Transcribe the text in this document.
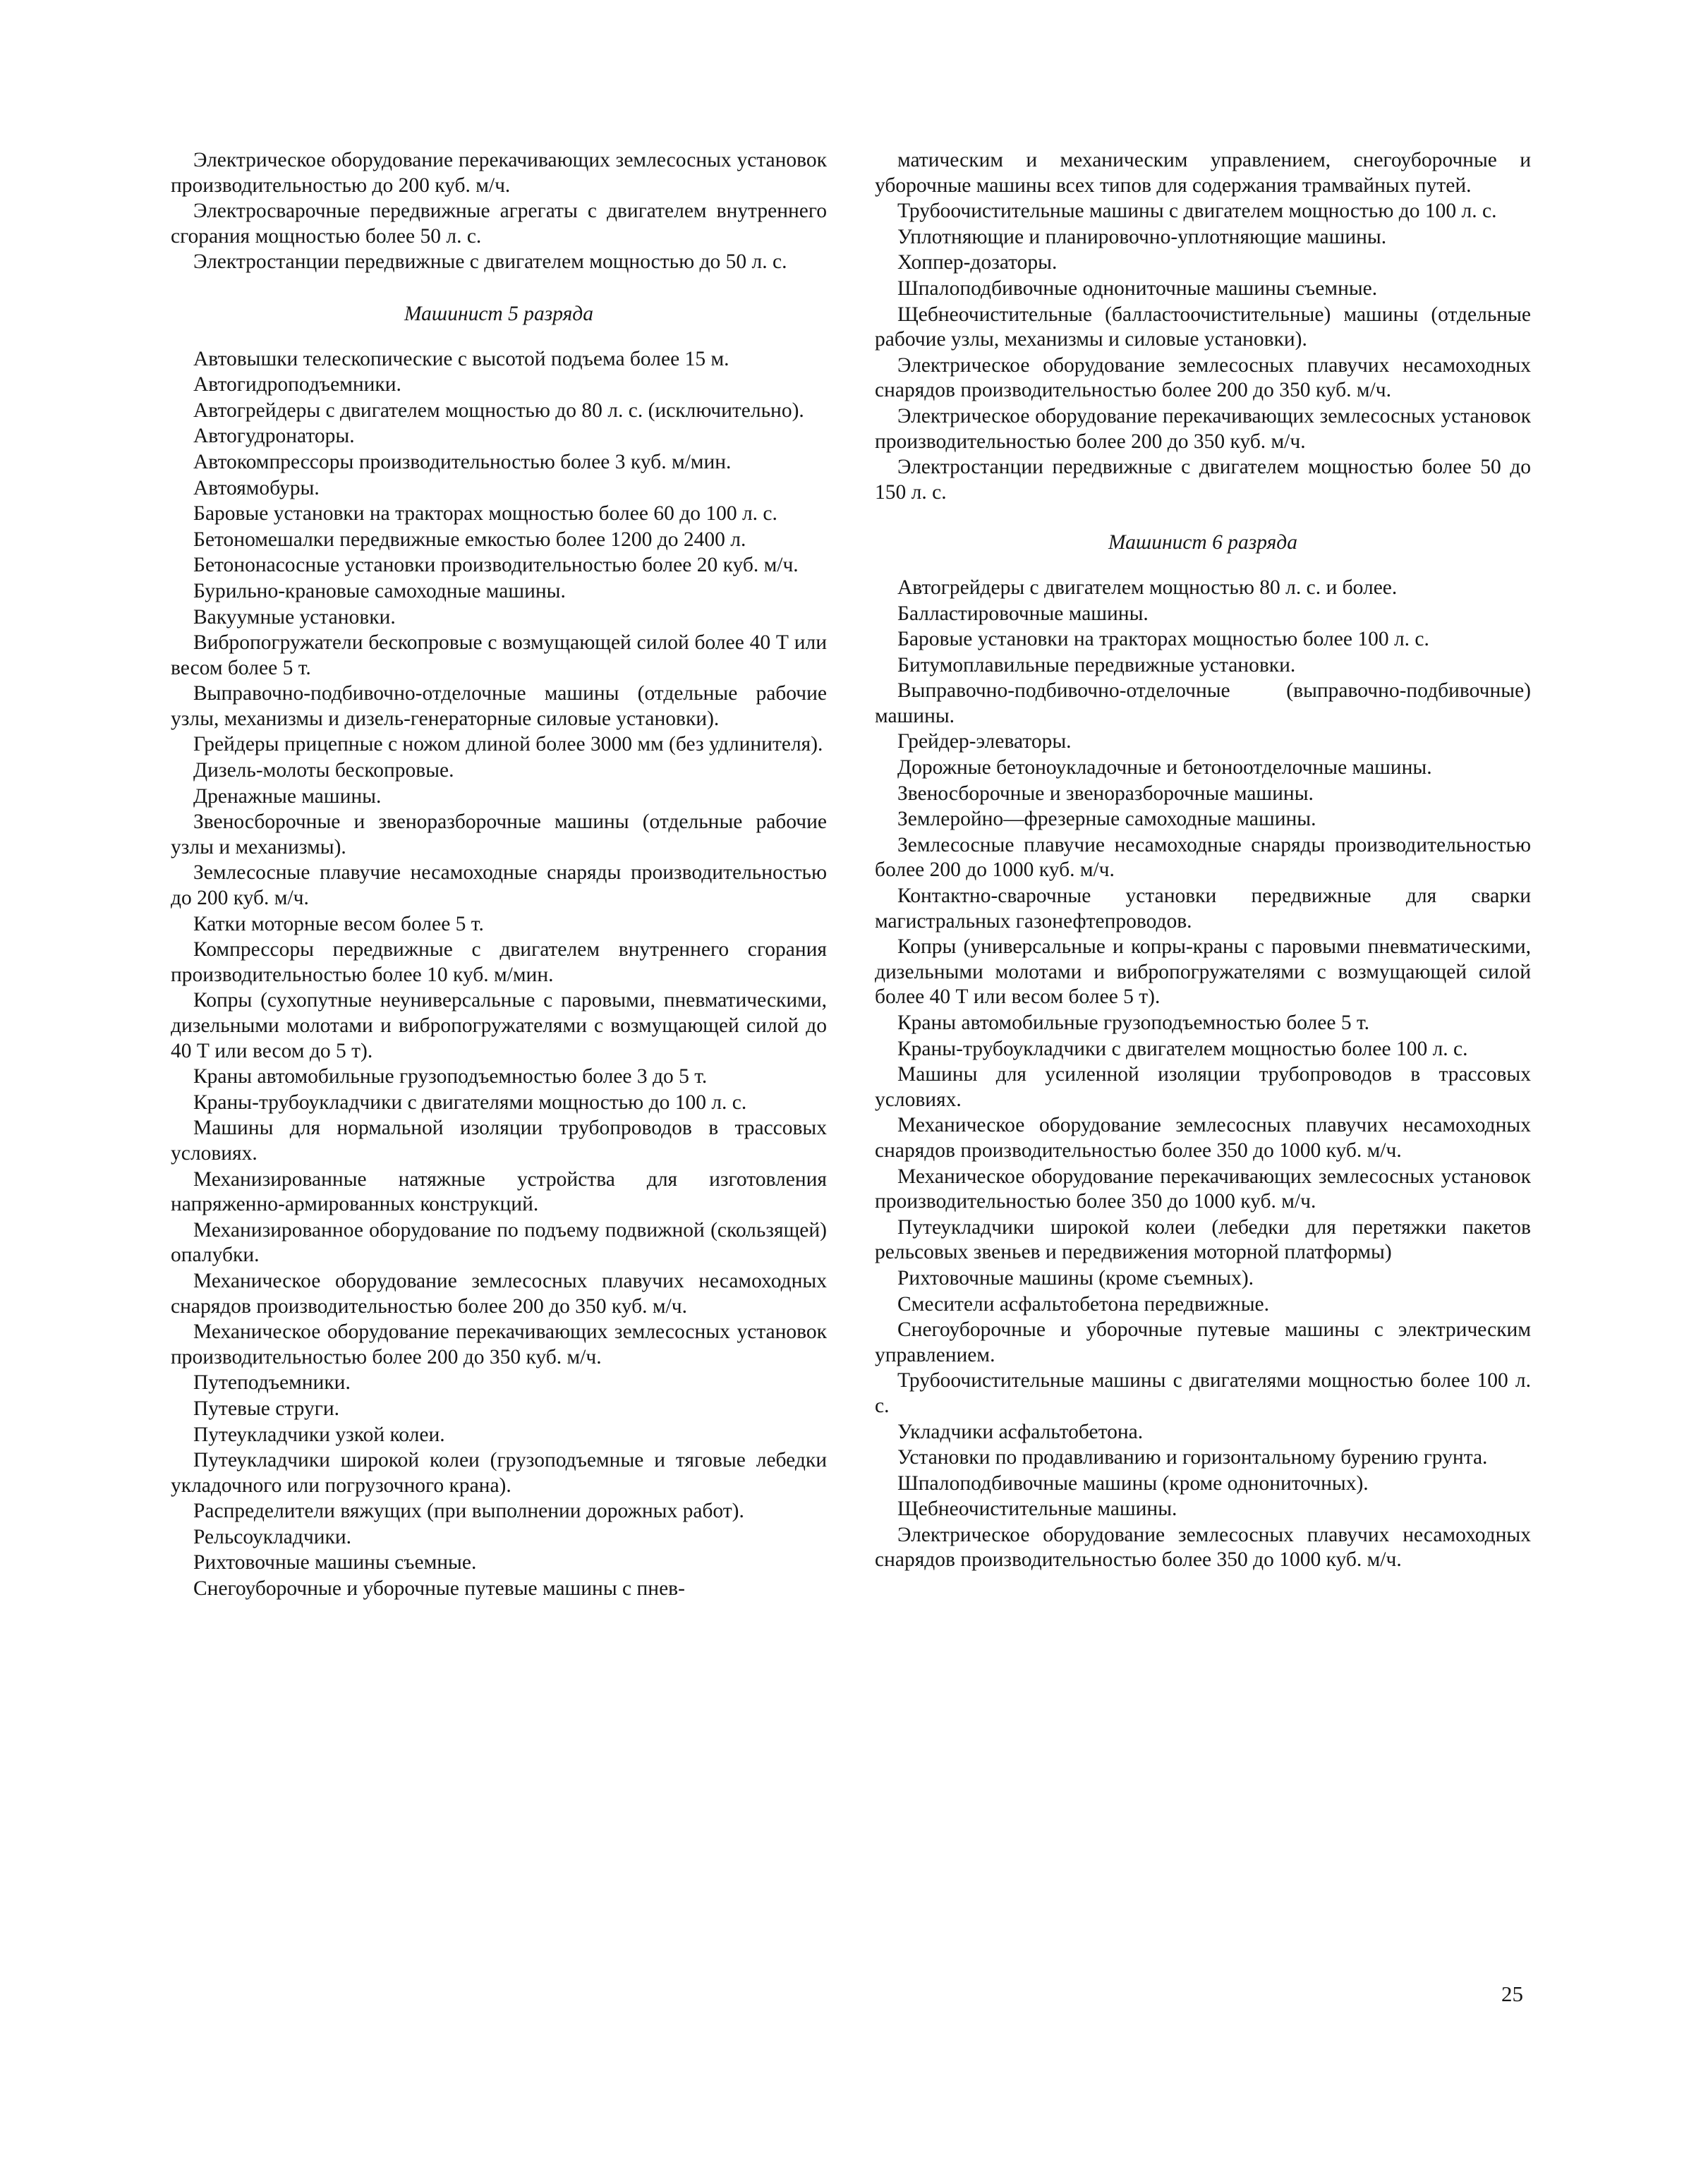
Электрическое оборудование перекачивающих землесосных установок производительностью до 200 куб. м/ч.

Электросварочные передвижные агрегаты с двигателем внутреннего сгорания мощностью более 50 л. с.

Электростанции передвижные с двигателем мощностью до 50 л. с.

Машинист 5 разряда

Автовышки телескопические с высотой подъема более 15 м.

Автогидроподъемники.

Автогрейдеры с двигателем мощностью до 80 л. с. (исключительно).

Автогудронаторы.

Автокомпрессоры производительностью более 3 куб. м/мин.

Автоямобуры.

Баровые установки на тракторах мощностью более 60 до 100 л. с.

Бетономешалки передвижные емкостью более 1200 до 2400 л.

Бетононасосные установки производительностью более 20 куб. м/ч.

Бурильно-крановые самоходные машины.

Вакуумные установки.

Вибропогружатели бескопровые с возмущающей силой более 40 Т или весом более 5 т.

Выправочно-подбивочно-отделочные машины (отдельные рабочие узлы, механизмы и дизель-генераторные силовые установки).

Грейдеры прицепные с ножом длиной более 3000 мм (без удлинителя).

Дизель-молоты бескопровые.

Дренажные машины.

Звеносборочные и звеноразборочные машины (отдельные рабочие узлы и механизмы).

Землесосные плавучие несамоходные снаряды производительностью до 200 куб. м/ч.

Катки моторные весом более 5 т.

Компрессоры передвижные с двигателем внутреннего сгорания производительностью более 10 куб. м/мин.

Копры (сухопутные неуниверсальные с паровыми, пневматическими, дизельными молотами и вибропогружателями с возмущающей силой до 40 Т или весом до 5 т).

Краны автомобильные грузоподъемностью более 3 до 5 т.

Краны-трубоукладчики с двигателями мощностью до 100 л. с.

Машины для нормальной изоляции трубопроводов в трассовых условиях.

Механизированные натяжные устройства для изготовления напряженно-армированных конструкций.

Механизированное оборудование по подъему подвижной (скользящей) опалубки.

Механическое оборудование землесосных плавучих несамоходных снарядов производительностью более 200 до 350 куб. м/ч.

Механическое оборудование перекачивающих землесосных установок производительностью более 200 до 350 куб. м/ч.

Путеподъемники.

Путевые струги.

Путеукладчики узкой колеи.

Путеукладчики широкой колеи (грузоподъемные и тяговые лебедки укладочного или погрузочного крана).

Распределители вяжущих (при выполнении дорожных работ).

Рельсоукладчики.

Рихтовочные машины съемные.

Снегоуборочные и уборочные путевые машины с пнев-

матическим и механическим управлением, снегоуборочные и уборочные машины всех типов для содержания трамвайных путей.

Трубоочистительные машины с двигателем мощностью до 100 л. с.

Уплотняющие и планировочно-уплотняющие машины.

Хоппер-дозаторы.

Шпалоподбивочные однониточные машины съемные.

Щебнеочистительные (балластоочистительные) машины (отдельные рабочие узлы, механизмы и силовые установки).

Электрическое оборудование землесосных плавучих несамоходных снарядов производительностью более 200 до 350 куб. м/ч.

Электрическое оборудование перекачивающих землесосных установок производительностью более 200 до 350 куб. м/ч.

Электростанции передвижные с двигателем мощностью более 50 до 150 л. с.

Машинист 6 разряда

Автогрейдеры с двигателем мощностью 80 л. с. и более.

Балластировочные машины.

Баровые установки на тракторах мощностью более 100 л. с.

Битумоплавильные передвижные установки.

Выправочно-подбивочно-отделочные (выправочно-подбивочные) машины.

Грейдер-элеваторы.

Дорожные бетоноукладочные и бетоноотделочные машины.

Звеносборочные и звеноразборочные машины.

Землеройно—фрезерные самоходные машины.

Землесосные плавучие несамоходные снаряды производительностью более 200 до 1000 куб. м/ч.

Контактно-сварочные установки передвижные для сварки магистральных газонефтепроводов.

Копры (универсальные и копры-краны с паровыми пневматическими, дизельными молотами и вибропогружателями с возмущающей силой более 40 Т или весом более 5 т).

Краны автомобильные грузоподъемностью более 5 т.

Краны-трубоукладчики с двигателем мощностью более 100 л. с.

Машины для усиленной изоляции трубопроводов в трассовых условиях.

Механическое оборудование землесосных плавучих несамоходных снарядов производительностью более 350 до 1000 куб. м/ч.

Механическое оборудование перекачивающих землесосных установок производительностью более 350 до 1000 куб. м/ч.

Путеукладчики широкой колеи (лебедки для перетяжки пакетов рельсовых звеньев и передвижения моторной платформы)

Рихтовочные машины (кроме съемных).

Смесители асфальтобетона передвижные.

Снегоуборочные и уборочные путевые машины с электрическим управлением.

Трубоочистительные машины с двигателями мощностью более 100 л. с.

Укладчики асфальтобетона.

Установки по продавливанию и горизонтальному бурению грунта.

Шпалоподбивочные машины (кроме однониточных).

Щебнеочистительные машины.

Электрическое оборудование землесосных плавучих несамоходных снарядов производительностью более 350 до 1000 куб. м/ч.

25
